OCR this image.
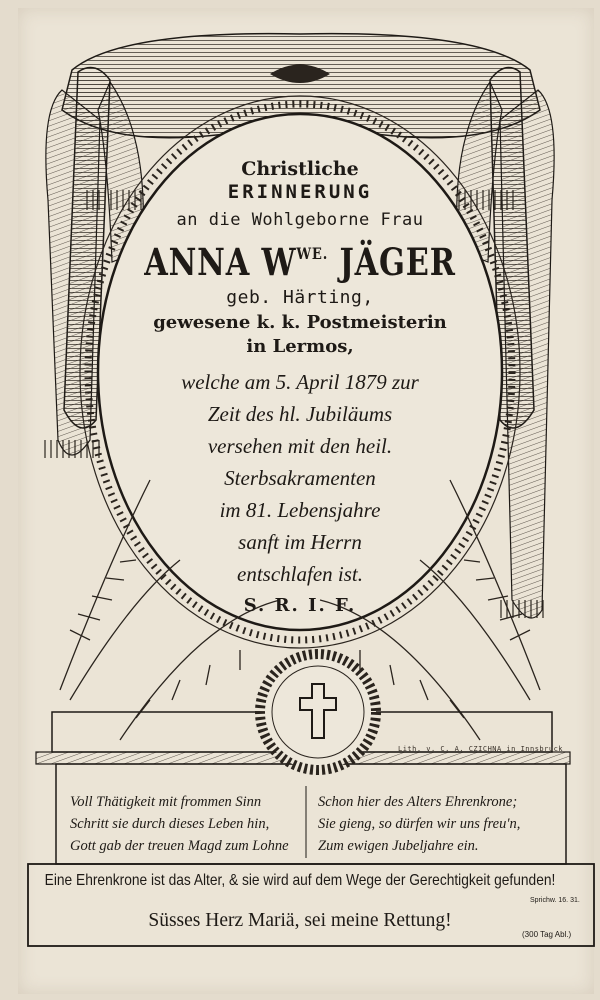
Christliche
ERINNERUNG
an die Wohlgeborne Frau
ANNA $W^{WE.}$ JÄGER
geb. Härting,
gewesene k. k. Postmeisterin
in Lermos,
welche am 5. April 1879 zur
Zeit des hl. Jubiläums
versehen mit den heil.
Sterbsakramenten
im 81. Lebensjahre
sanft im Herrn
entschlafen ist.
S. R. I. F.
Lith. v. C. A. CZICHNA in Innsbruck
Voll Thätigkeit mit frommen Sinn
Schritt sie durch dieses Leben hin,
Gott gab der treuen Magd zum Lohne
Schon hier des Alters Ehrenkrone;
Sie gieng, so dürfen wir uns freu'n,
Zum ewigen Jubeljahre ein.
Eine Ehrenkrone ist das Alter, & sie wird auf dem Wege der Gerechtigkeit gefunden!
Sprichw. 16. 31.
Süsses Herz Mariä, sei meine Rettung!
(300 Tag Abl.)
